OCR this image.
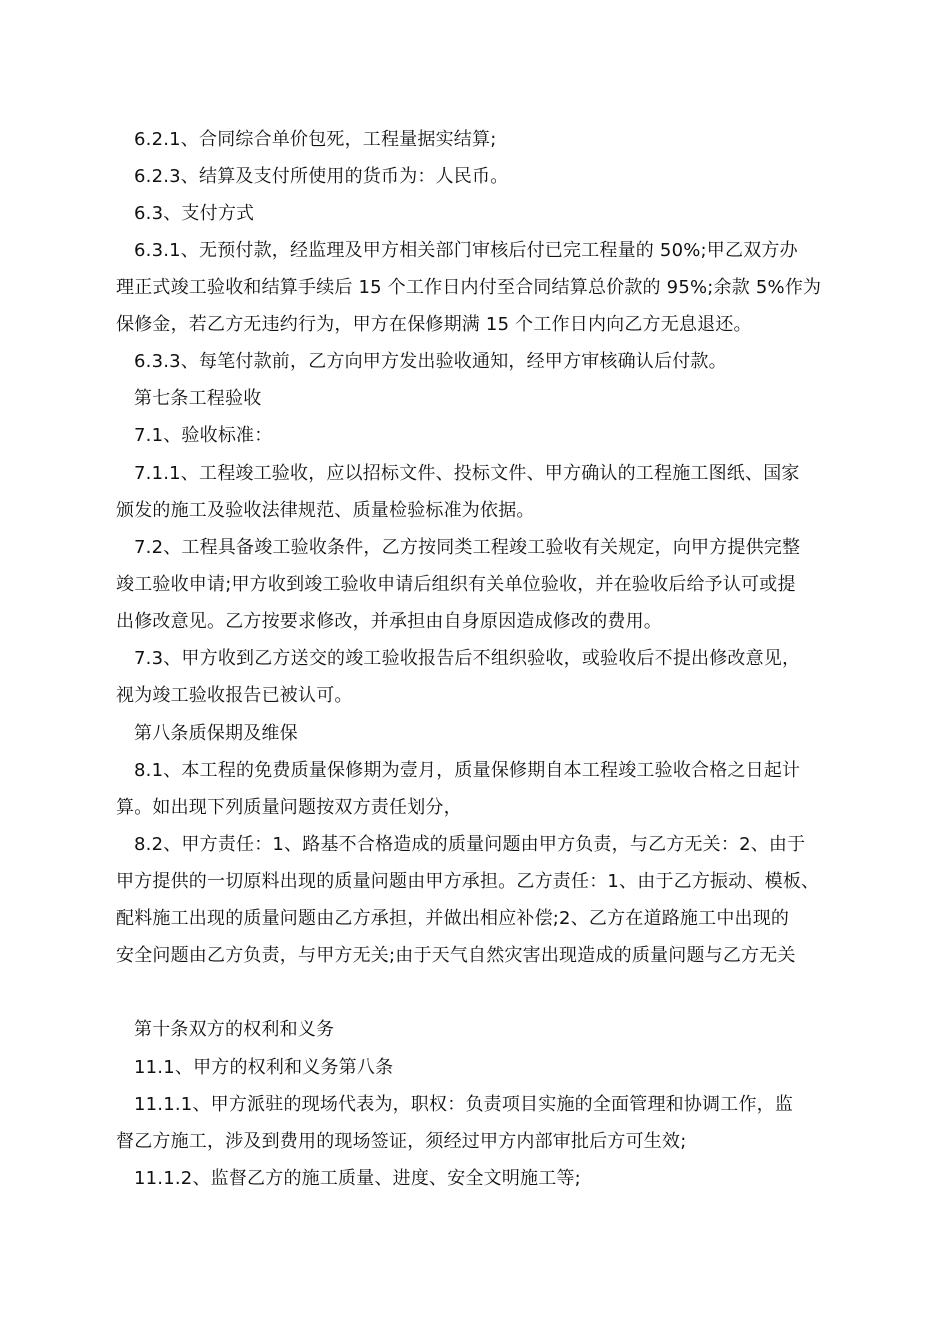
6.2.1、合同综合单价包死，工程量据实结算;
6.2.3、结算及支付所使用的货币为：人民币。
6.3、支付方式
6.3.1、无预付款，经监理及甲方相关部门审核后付已完工程量的 50%;甲乙双方办
理正式竣工验收和结算手续后 15 个工作日内付至合同结算总价款的 95%;余款 5%作为
保修金，若乙方无违约行为，甲方在保修期满 15 个工作日内向乙方无息退还。
6.3.3、每笔付款前，乙方向甲方发出验收通知，经甲方审核确认后付款。
第七条工程验收
7.1、验收标准：
7.1.1、工程竣工验收，应以招标文件、投标文件、甲方确认的工程施工图纸、国家
颁发的施工及验收法律规范、质量检验标准为依据。
7.2、工程具备竣工验收条件，乙方按同类工程竣工验收有关规定，向甲方提供完整
竣工验收申请;甲方收到竣工验收申请后组织有关单位验收，并在验收后给予认可或提
出修改意见。乙方按要求修改，并承担由自身原因造成修改的费用。
7.3、甲方收到乙方送交的竣工验收报告后不组织验收，或验收后不提出修改意见，
视为竣工验收报告已被认可。
第八条质保期及维保
8.1、本工程的免费质量保修期为壹月，质量保修期自本工程竣工验收合格之日起计
算。如出现下列质量问题按双方责任划分，
8.2、甲方责任：1、路基不合格造成的质量问题由甲方负责，与乙方无关：2、由于
甲方提供的一切原料出现的质量问题由甲方承担。乙方责任：1、由于乙方振动、模板、
配料施工出现的质量问题由乙方承担，并做出相应补偿;2、乙方在道路施工中出现的
安全问题由乙方负责，与甲方无关;由于天气自然灾害出现造成的质量问题与乙方无关
第十条双方的权利和义务
11.1、甲方的权利和义务第八条
11.1.1、甲方派驻的现场代表为，职权：负责项目实施的全面管理和协调工作，监
督乙方施工，涉及到费用的现场签证，须经过甲方内部审批后方可生效;
11.1.2、监督乙方的施工质量、进度、安全文明施工等;
